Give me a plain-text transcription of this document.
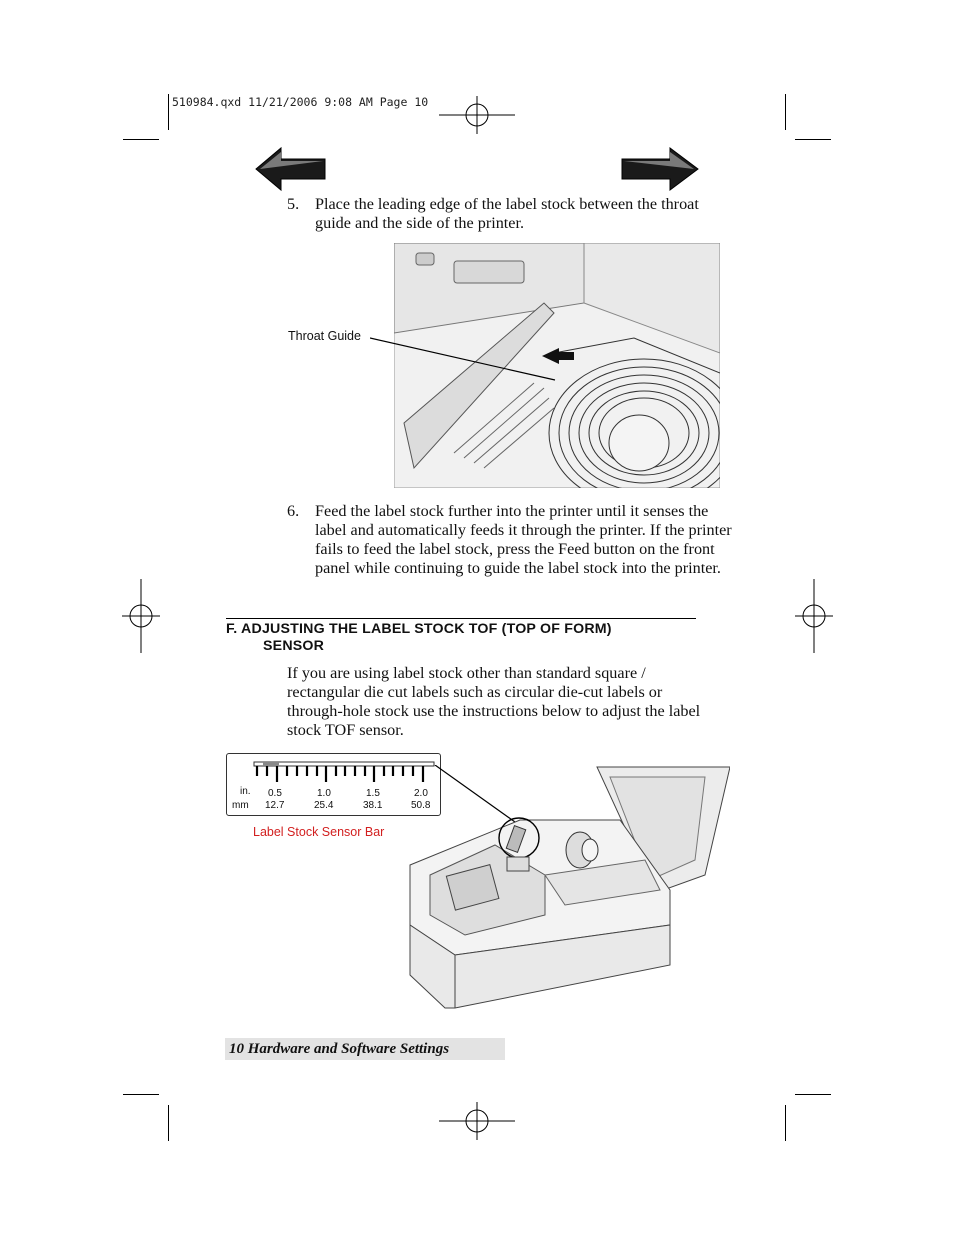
510984.qxd 11/21/2006 9:08 AM Page 10
5. Place the leading edge of the label stock between the throat guide and the side of the printer.
Throat Guide
6. Feed the label stock further into the printer until it senses the label and automatically feeds it through the printer. If the printer fails to feed the label stock, press the Feed button on the front panel while continuing to guide the label stock into the printer.
F. ADJUSTING THE LABEL STOCK TOF (TOP OF FORM)
SENSOR
If you are using label stock other than standard square / rectangular die cut labels such as circular die-cut labels or through-hole stock use the instructions below to adjust the label stock TOF sensor.
in.
mm
0.5	1.0	1.5	2.0
12.7	25.4	38.1	50.8
Label Stock Sensor Bar
10 Hardware and Software Settings
